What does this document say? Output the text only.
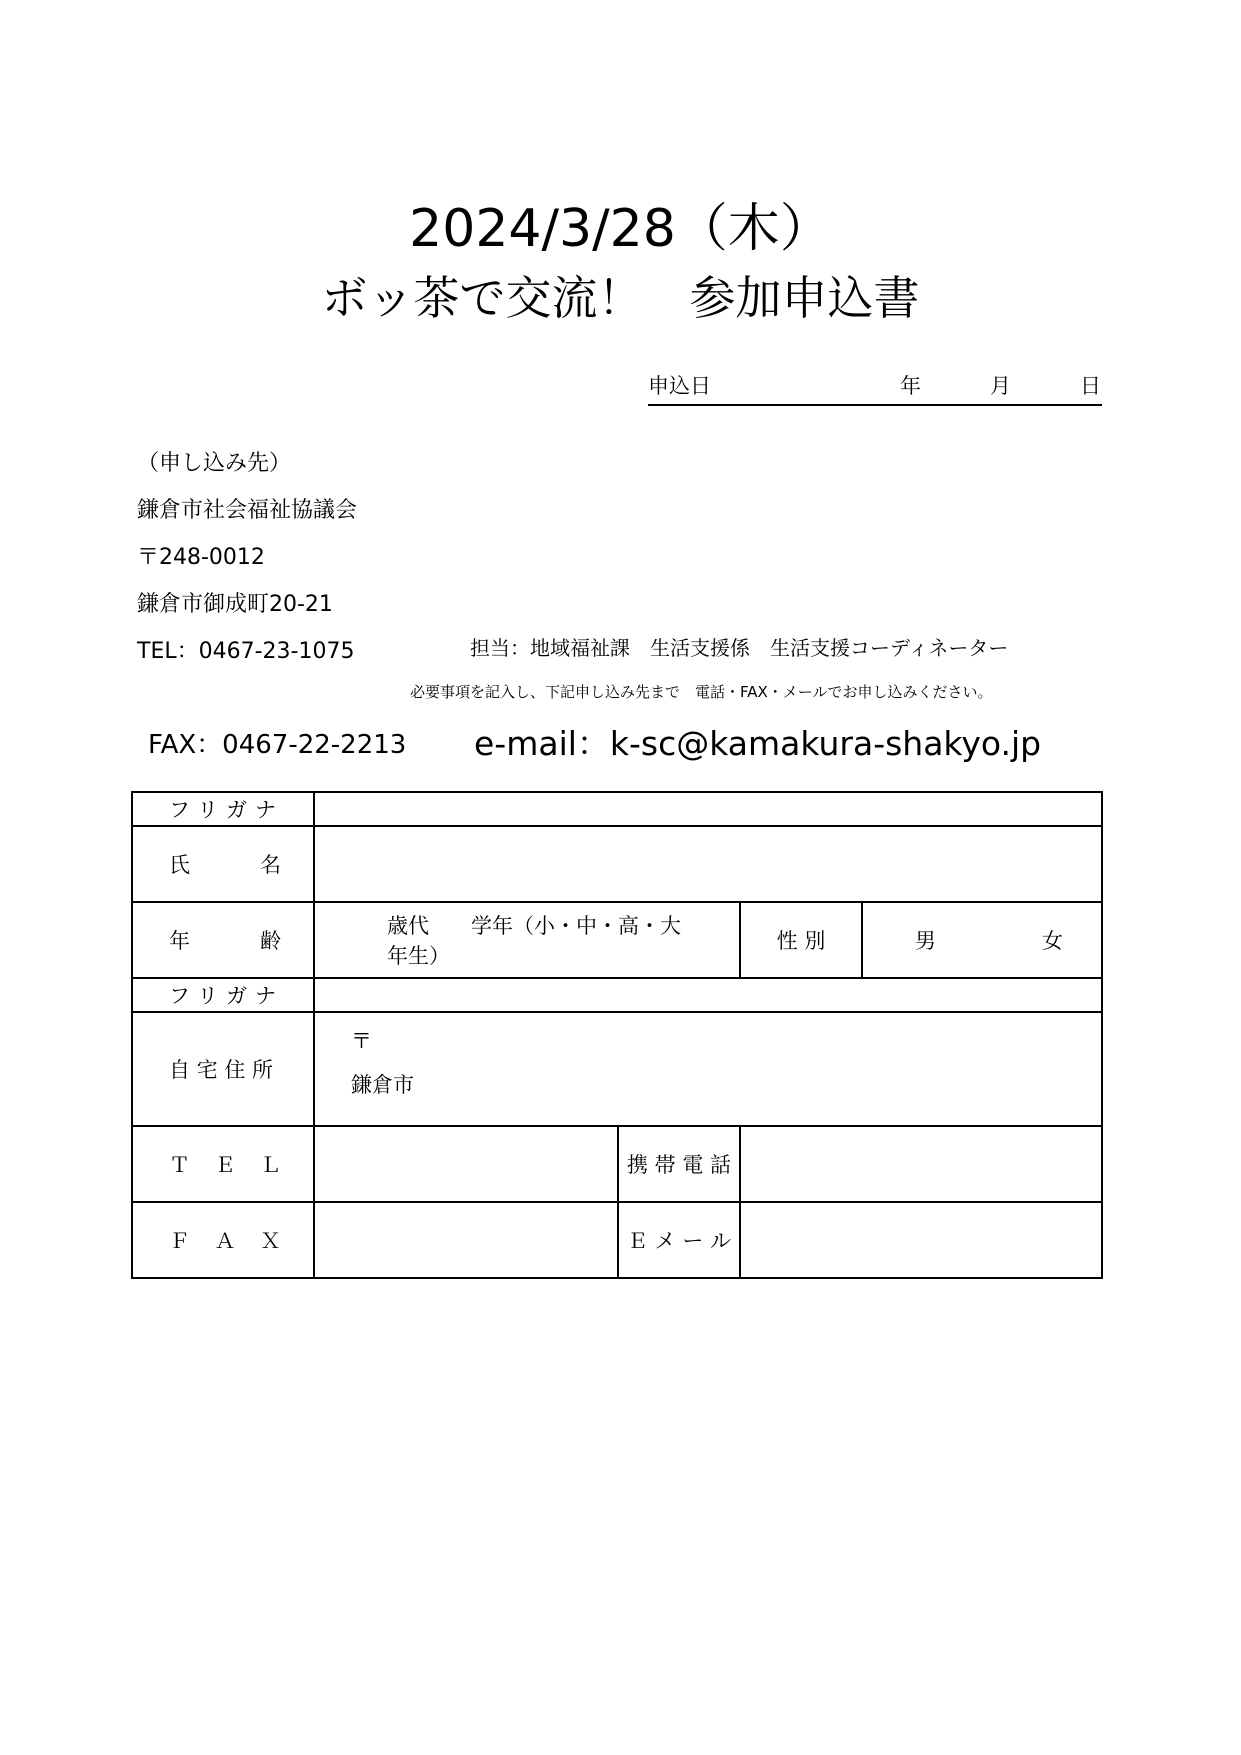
2024/3/28（木）
ボッ茶で交流！　参加申込書
申込日	年	月	日
（申し込み先）
鎌倉市社会福祉協議会
〒248-0012
鎌倉市御成町20-21
TEL：0467-23-1075	担当：地域福祉課　生活支援係　生活支援コーディネーター
必要事項を記入し、下記申し込み先まで　電話・FAX・メールでお申し込みください。
FAX：0467-22-2213 e-mail：k-sc@kamakura-shakyo.jp
フリガナ				

氏 名				

年 齢	歳代　　学年（小・中・高・大　　年生）		性 別	男 女

フリガナ				
自 宅 住 所	〒
鎌倉市			

Ｔ Ｅ Ｌ		携 帯 電 話		

Ｆ Ａ Ｘ		Ｅ メ ー ル		
